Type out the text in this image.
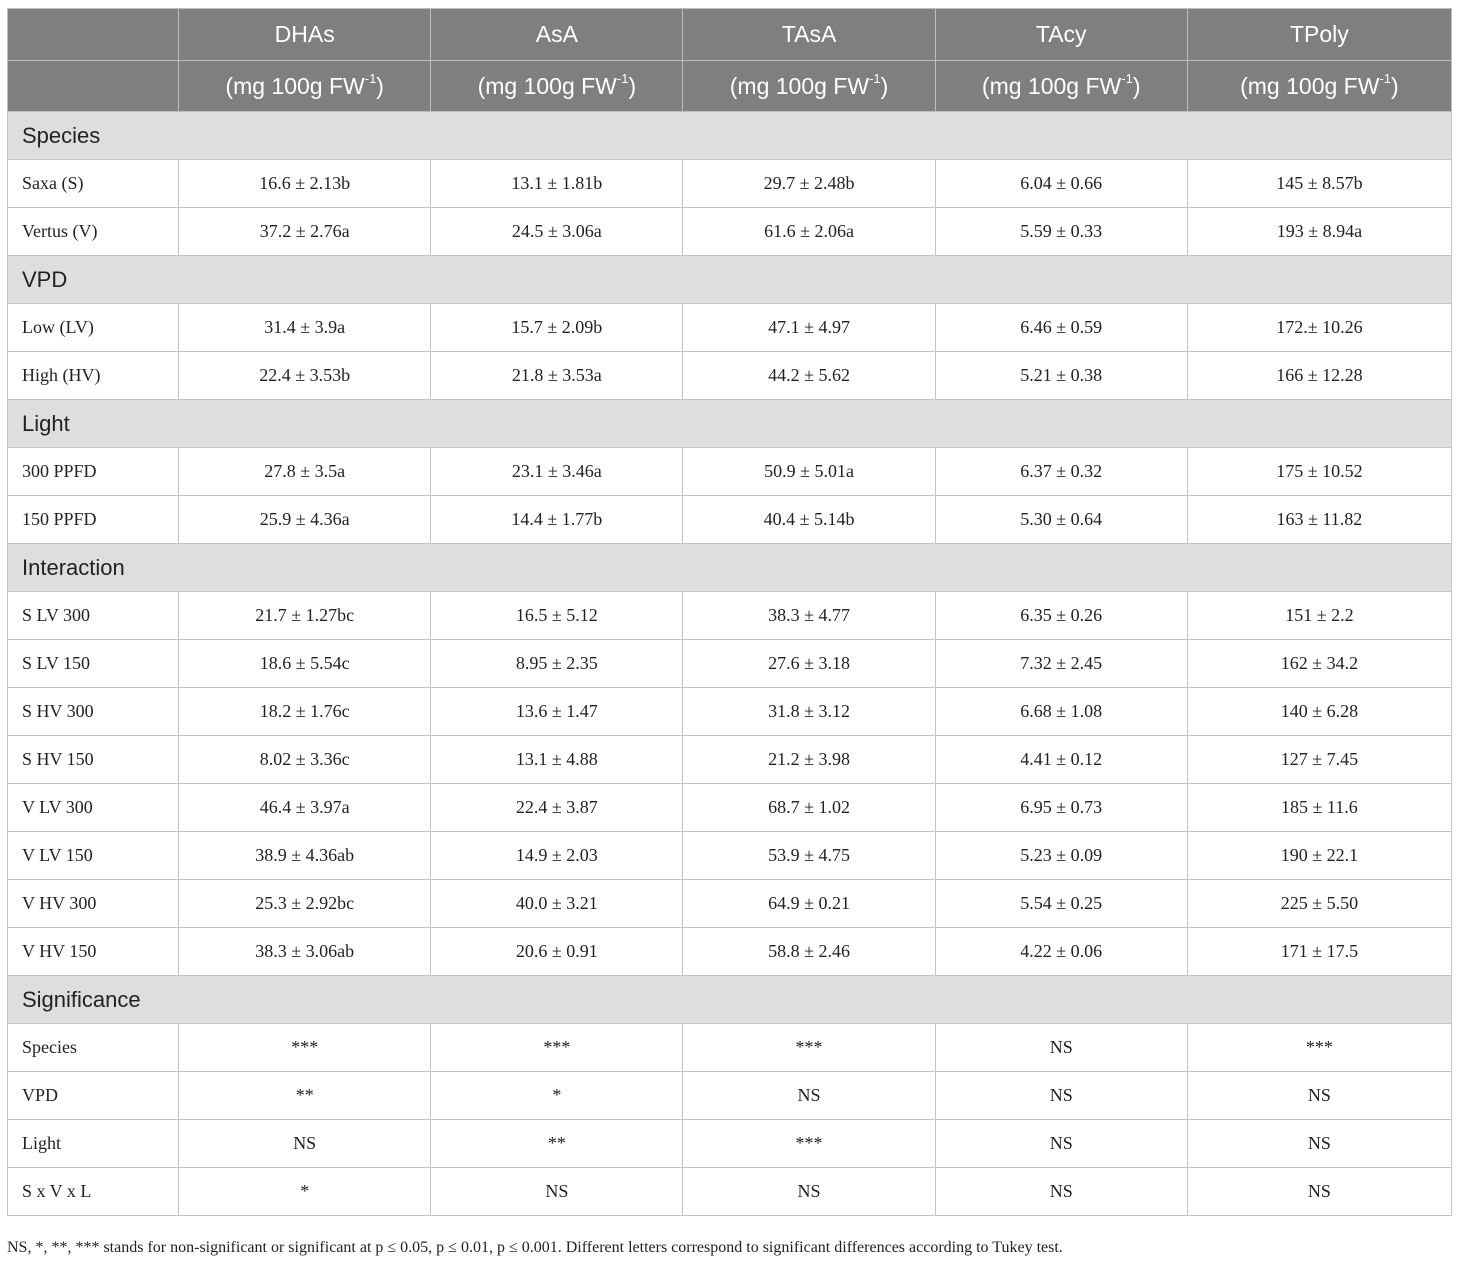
	DHAs	AsA	TAsA	TAcy	TPoly
	(mg 100g $FW^{-1}$)	(mg 100g $FW^{-1}$)	(mg 100g $FW^{-1}$)	(mg 100g $FW^{-1}$)	(mg 100g $FW^{-1}$)
Species					
Saxa (S)	16.6 ± 2.13b	13.1 ± 1.81b	29.7 ± 2.48b	6.04 ± 0.66	145 ± 8.57b
Vertus (V)	37.2 ± 2.76a	24.5 ± 3.06a	61.6 ± 2.06a	5.59 ± 0.33	193 ± 8.94a
VPD					
Low (LV)	31.4 ± 3.9a	15.7 ± 2.09b	47.1 ± 4.97	6.46 ± 0.59	172.± 10.26
High (HV)	22.4 ± 3.53b	21.8 ± 3.53a	44.2 ± 5.62	5.21 ± 0.38	166 ± 12.28
Light					
300 PPFD	27.8 ± 3.5a	23.1 ± 3.46a	50.9 ± 5.01a	6.37 ± 0.32	175 ± 10.52
150 PPFD	25.9 ± 4.36a	14.4 ± 1.77b	40.4 ± 5.14b	5.30 ± 0.64	163 ± 11.82
Interaction					
S LV 300	21.7 ± 1.27bc	16.5 ± 5.12	38.3 ± 4.77	6.35 ± 0.26	151 ± 2.2
S LV 150	18.6 ± 5.54c	8.95 ± 2.35	27.6 ± 3.18	7.32 ± 2.45	162 ± 34.2
S HV 300	18.2 ± 1.76c	13.6 ± 1.47	31.8 ± 3.12	6.68 ± 1.08	140 ± 6.28
S HV 150	8.02 ± 3.36c	13.1 ± 4.88	21.2 ± 3.98	4.41 ± 0.12	127 ± 7.45
V LV 300	46.4 ± 3.97a	22.4 ± 3.87	68.7 ± 1.02	6.95 ± 0.73	185 ± 11.6
V LV 150	38.9 ± 4.36ab	14.9 ± 2.03	53.9 ± 4.75	5.23 ± 0.09	190 ± 22.1
V HV 300	25.3 ± 2.92bc	40.0 ± 3.21	64.9 ± 0.21	5.54 ± 0.25	225 ± 5.50
V HV 150	38.3 ± 3.06ab	20.6 ± 0.91	58.8 ± 2.46	4.22 ± 0.06	171 ± 17.5
Significance					
Species	***	***	***	NS	***
VPD	**	*	NS	NS	NS
Light	NS	**	***	NS	NS
S x V x L	*	NS	NS	NS	NS
NS, *, **, *** stands for non-significant or significant at p ≤ 0.05, p ≤ 0.01, p ≤ 0.001. Different letters correspond to significant differences according to Tukey test.
